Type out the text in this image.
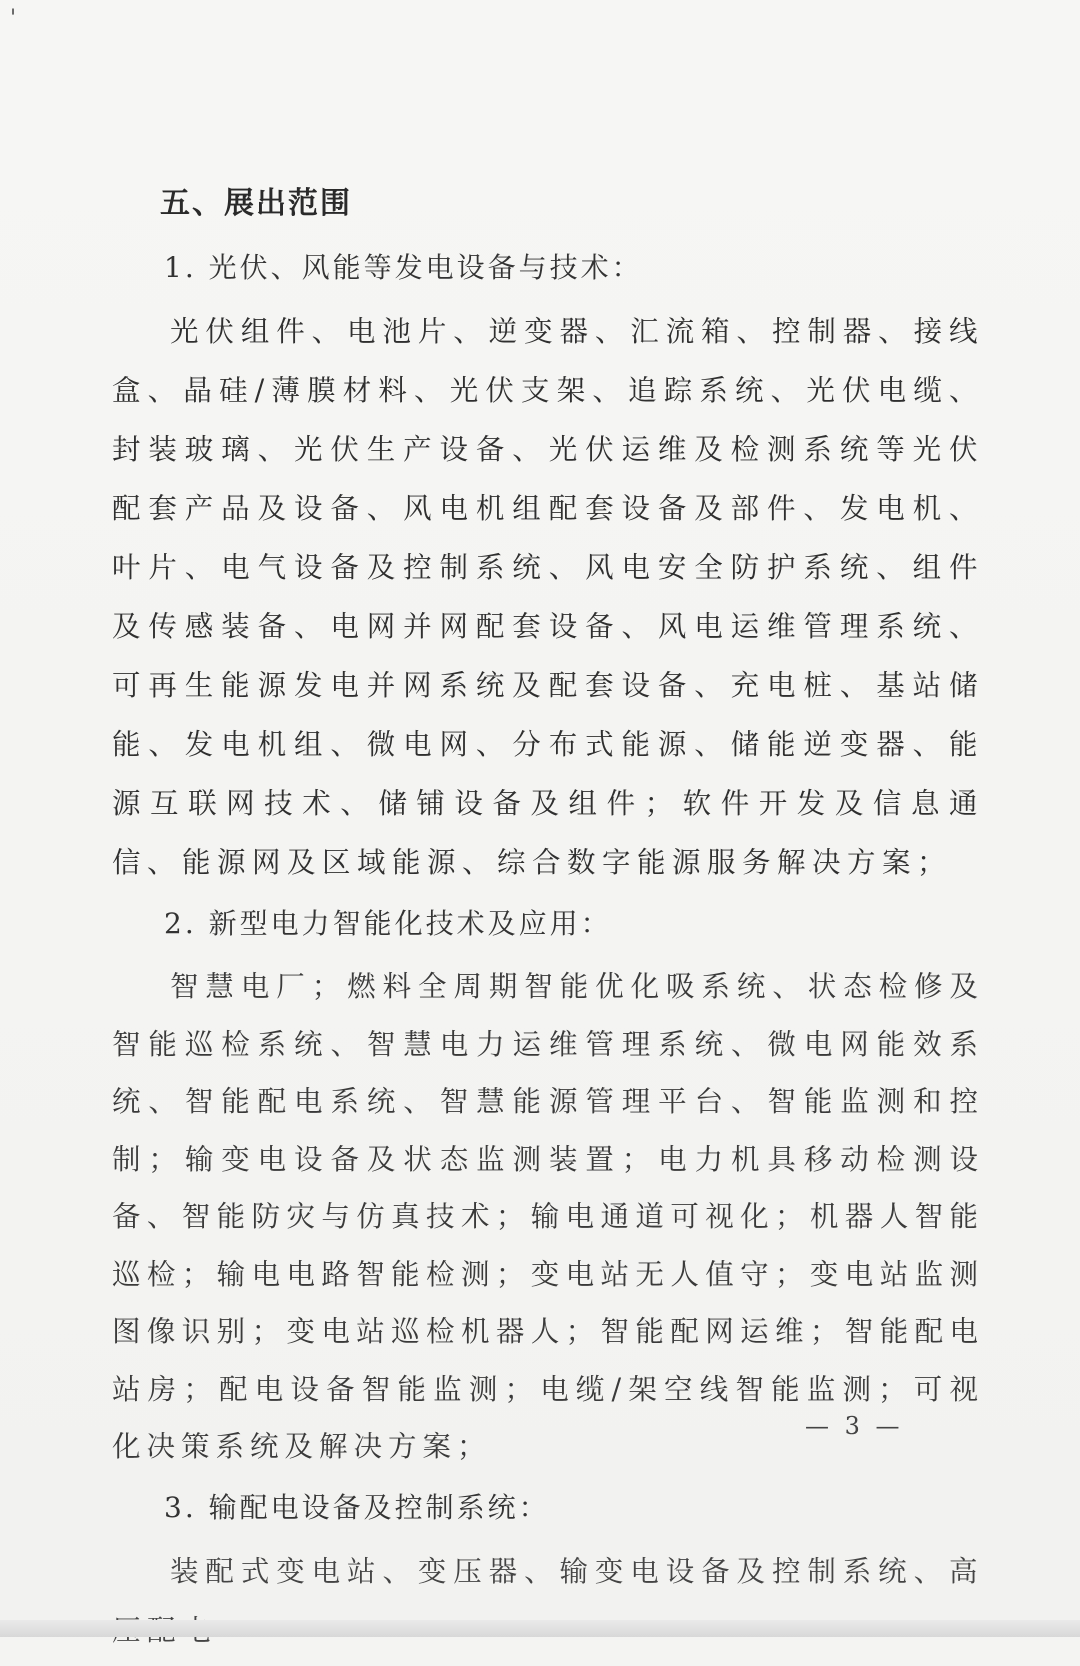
'
五、展出范围
1. 光伏、风能等发电设备与技术：

光伏组件、电池片、逆变器、汇流箱、控制器、接线盒、晶硅/薄膜材料、光伏支架、追踪系统、光伏电缆、封装玻璃、光伏生产设备、光伏运维及检测系统等光伏配套产品及设备、风电机组配套设备及部件、发电机、叶片、电气设备及控制系统、风电安全防护系统、组件及传感装备、电网并网配套设备、风电运维管理系统、可再生能源发电并网系统及配套设备、充电桩、基站储能、发电机组、微电网、分布式能源、储能逆变器、能源互联网技术、储铺设备及组件；软件开发及信息通信、能源网及区域能源、综合数字能源服务解决方案；

2. 新型电力智能化技术及应用：

智慧电厂；燃料全周期智能优化吸系统、状态检修及智能巡检系统、智慧电力运维管理系统、微电网能效系统、智能配电系统、智慧能源管理平台、智能监测和控制；输变电设备及状态监测装置；电力机具移动检测设备、智能防灾与仿真技术；输电通道可视化；机器人智能巡检；输电电路智能检测；变电站无人值守；变电站监测图像识别；变电站巡检机器人；智能配网运维；智能配电站房；配电设备智能监测；电缆/架空线智能监测；可视化决策系统及解决方案；

3. 输配电设备及控制系统：

装配式变电站、变压器、输变电设备及控制系统、高

— 3 —
